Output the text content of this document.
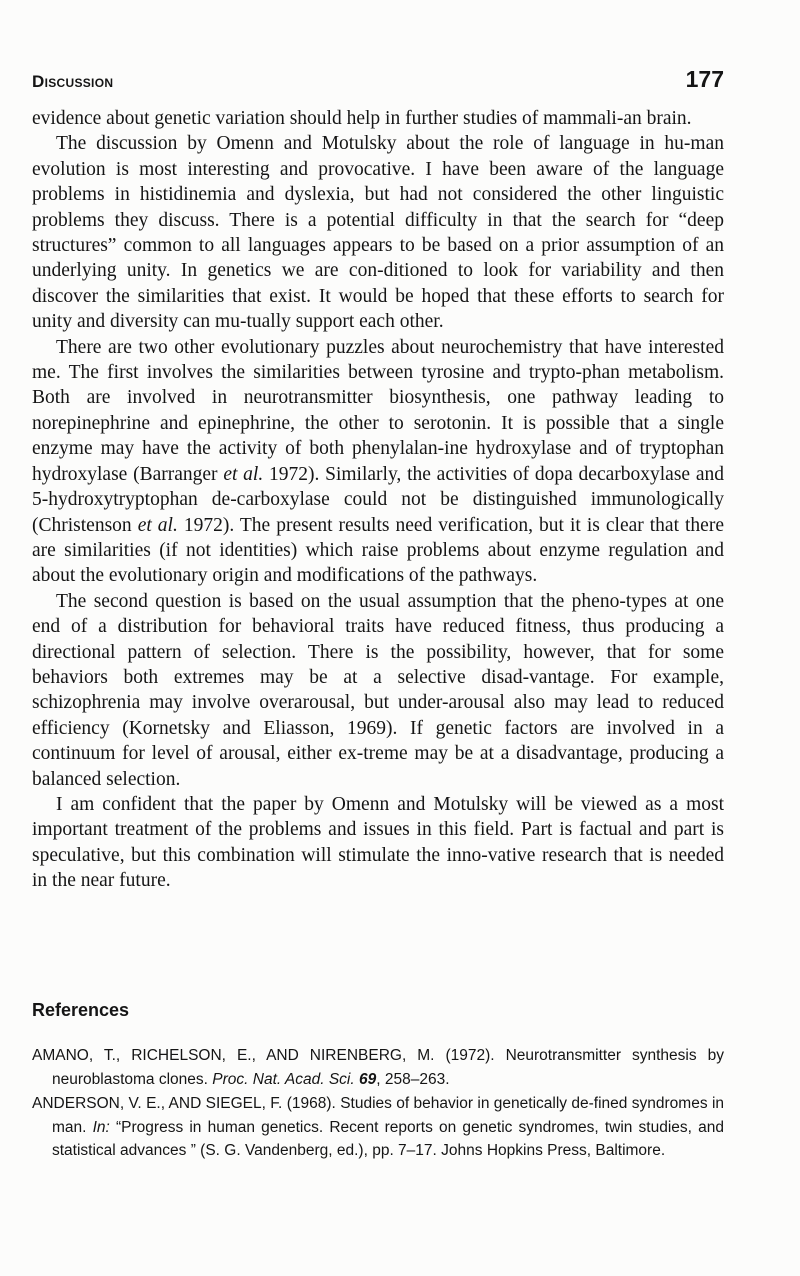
Discussion	177

evidence about genetic variation should help in further studies of mammali-an brain.

The discussion by Omenn and Motulsky about the role of language in hu-man evolution is most interesting and provocative. I have been aware of the language problems in histidinemia and dyslexia, but had not considered the other linguistic problems they discuss. There is a potential difficulty in that the search for “deep structures” common to all languages appears to be based on a prior assumption of an underlying unity. In genetics we are con-ditioned to look for variability and then discover the similarities that exist. It would be hoped that these efforts to search for unity and diversity can mu-tually support each other.

There are two other evolutionary puzzles about neurochemistry that have interested me. The first involves the similarities between tyrosine and trypto-phan metabolism. Both are involved in neurotransmitter biosynthesis, one pathway leading to norepinephrine and epinephrine, the other to serotonin. It is possible that a single enzyme may have the activity of both phenylalan-ine hydroxylase and of tryptophan hydroxylase (Barranger et al. 1972). Similarly, the activities of dopa decarboxylase and 5-hydroxytryptophan de-carboxylase could not be distinguished immunologically (Christenson et al. 1972). The present results need verification, but it is clear that there are similarities (if not identities) which raise problems about enzyme regulation and about the evolutionary origin and modifications of the pathways.

The second question is based on the usual assumption that the pheno-types at one end of a distribution for behavioral traits have reduced fitness, thus producing a directional pattern of selection. There is the possibility, however, that for some behaviors both extremes may be at a selective disad-vantage. For example, schizophrenia may involve overarousal, but under-arousal also may lead to reduced efficiency (Kornetsky and Eliasson, 1969). If genetic factors are involved in a continuum for level of arousal, either ex-treme may be at a disadvantage, producing a balanced selection.

I am confident that the paper by Omenn and Motulsky will be viewed as a most important treatment of the problems and issues in this field. Part is factual and part is speculative, but this combination will stimulate the inno-vative research that is needed in the near future.

References

AMANO, T., RICHELSON, E., AND NIRENBERG, M. (1972). Neurotransmitter synthesis by neuroblastoma clones. Proc. Nat. Acad. Sci. 69, 258–263.

ANDERSON, V. E., AND SIEGEL, F. (1968). Studies of behavior in genetically de-fined syndromes in man. In: “Progress in human genetics. Recent reports on genetic syndromes, twin studies, and statistical advances ” (S. G. Vandenberg, ed.), pp. 7–17. Johns Hopkins Press, Baltimore.
